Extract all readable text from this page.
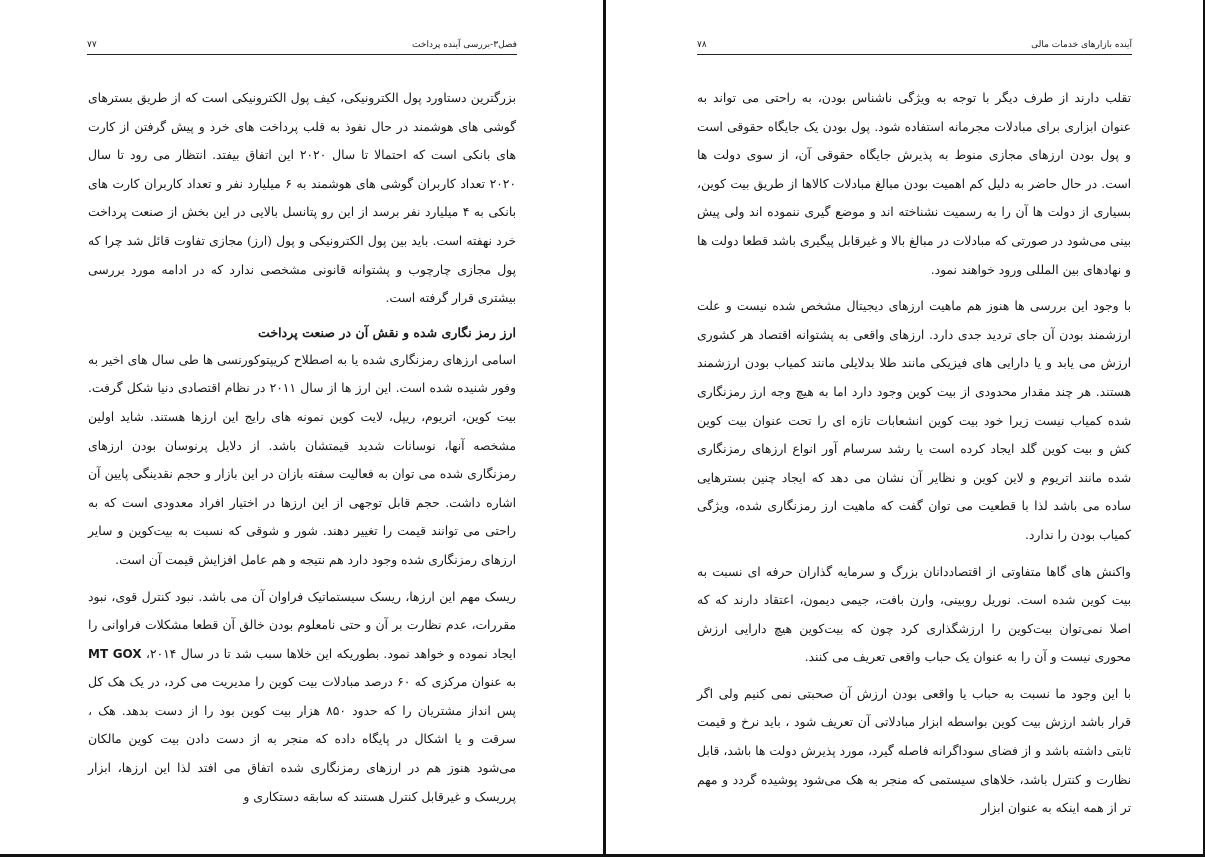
۷۷	فصل۳-بررسی آینده پرداخت

بزرگترین دستاورد پول الکترونیکی، کیف پول الکترونیکی است که از طریق بسترهای گوشی های هوشمند در حال نفوذ به قلب پرداخت های خرد و پیش گرفتن از کارت های بانکی است که احتمالا تا سال ۲۰۲۰ این اتفاق بیفتد. انتظار می رود تا سال ۲۰۲۰ تعداد کاربران گوشی های هوشمند به ۶ میلیارد نفر و تعداد کاربران کارت های بانکی به ۴ میلیارد نفر برسد از این رو پتانسل بالایی در این بخش از صنعت پرداخت خرد نهفته است. باید بین پول الکترونیکی و پول (ارز) مجازی تفاوت قائل شد چرا که پول مجازی چارچوب و پشتوانه قانونی مشخصی ندارد که در ادامه مورد بررسی بیشتری قرار گرفته است.

ارز رمز نگاری شده و نقش آن در صنعت پرداخت

اسامی ارزهای رمزنگاری شده یا به اصطلاح کریپتوکورنسی ها طی سال های اخیر به وفور شنیده شده است. این ارز ها از سال ۲۰۱۱ در نظام اقتصادی دنیا شکل گرفت. بیت کوین، اتریوم، ریپل، لایت کوین نمونه های رایج این ارزها هستند. شاید اولین مشخصه آنها، نوسانات شدید قیمتشان باشد. از دلایل پرنوسان بودن ارزهای رمزنگاری شده می توان به فعالیت سفته بازان در این بازار و حجم نقدینگی پایین آن اشاره داشت. حجم قابل توجهی از این ارزها در اختیار افراد معدودی است که به راحتی می توانند قیمت را تغییر دهند. شور و شوقی که نسبت به بیت‌کوین و سایر ارزهای رمزنگاری شده وجود دارد هم نتیجه و هم عامل افزایش قیمت آن است.

ریسک مهم این ارزها، ریسک سیستماتیک فراوان آن می باشد. نبود کنترل قوی، نبود مقررات، عدم نظارت بر آن و حتی نامعلوم بودن خالق آن قطعا مشکلات فراوانی را ایجاد نموده و خواهد نمود. بطوریکه این خلاها سبب شد تا در سال ۲۰۱۴، MT GOX به عنوان مرکزی که ۶۰ درصد مبادلات بیت کوین را مدیریت می کرد، در یک هک کل پس انداز مشتریان را که حدود ۸۵۰ هزار بیت کوین بود را از دست بدهد. هک ، سرقت و یا اشکال در پایگاه داده که منجر به از دست دادن بیت کوین مالکان می‌شود هنوز هم در ارزهای رمزنگاری شده اتفاق می افتد لذا این ارزها، ابزار پرریسک و غیرقابل کنترل هستند که سابقه دستکاری و

۷۸	آینده بازارهای خدمات مالی

تقلب دارند از طرف دیگر با توجه به ویژگی ناشناس بودن، به راحتی می تواند به عنوان ابزاری برای مبادلات مجرمانه استفاده شود. پول بودن یک جایگاه حقوقی است و پول بودن ارزهای مجازی منوط به پذیرش جایگاه حقوقی آن، از سوی دولت ها است. در حال حاضر به دلیل کم اهمیت بودن مبالغ مبادلات کالاها از طریق بیت کوین، بسیاری از دولت ها آن را به رسمیت نشناخته اند و موضع گیری ننموده اند ولی پیش بینی می‌شود در صورتی که مبادلات در مبالغ بالا و غیرقابل پیگیری باشد قطعا دولت ها و نهادهای بین المللی ورود خواهند نمود.

با وجود این بررسی ها هنوز هم ماهیت ارزهای دیجیتال مشخص شده نیست و علت ارزشمند بودن آن جای تردید جدی دارد. ارزهای واقعی به پشتوانه اقتصاد هر کشوری ارزش می یابد و یا دارایی های فیزیکی مانند طلا بدلایلی مانند کمیاب بودن ارزشمند هستند. هر چند مقدار محدودی از بیت کوین وجود دارد اما به هیچ وجه ارز رمزنگاری شده کمیاب نیست زیرا خود بیت کوین انشعابات تازه ای را تحت عنوان بیت کوین کش و بیت کوین گلد ایجاد کرده است یا رشد سرسام آور انواع ارزهای رمزنگاری شده مانند اتریوم و لاین کوین و نظایر آن نشان می دهد که ایجاد چنین بسترهایی ساده می باشد لذا با قطعیت می توان گفت که ماهیت ارز رمزنگاری شده، ویژگی کمیاب بودن را ندارد.

واکنش های گاها متفاوتی از اقتصاددانان بزرگ و سرمایه گذاران حرفه ای نسبت به بیت کوین شده است. نوریل روبینی، وارن بافت، جیمی دیمون، اعتقاد دارند که که اصلا نمی‌توان بیت‌کوین را ارزشگذاری کرد چون که بیت‌کوین هیچ دارایی ارزش محوری نیست و آن را به عنوان یک حباب واقعی تعریف می کنند.

با این وجود ما نسبت به حباب یا واقعی بودن ارزش آن صحبتی نمی کنیم ولی اگر قرار باشد ارزش بیت کوین بواسطه ابزار مبادلاتی آن تعریف شود ، باید نرخ و قیمت ثابتی داشته باشد و از فضای سوداگرانه فاصله گیرد، مورد پذیرش دولت ها باشد، قابل نظارت و کنترل باشد، خلاهای سیستمی که منجر به هک می‌شود پوشیده گردد و مهم تر از همه اینکه به عنوان ابزار
